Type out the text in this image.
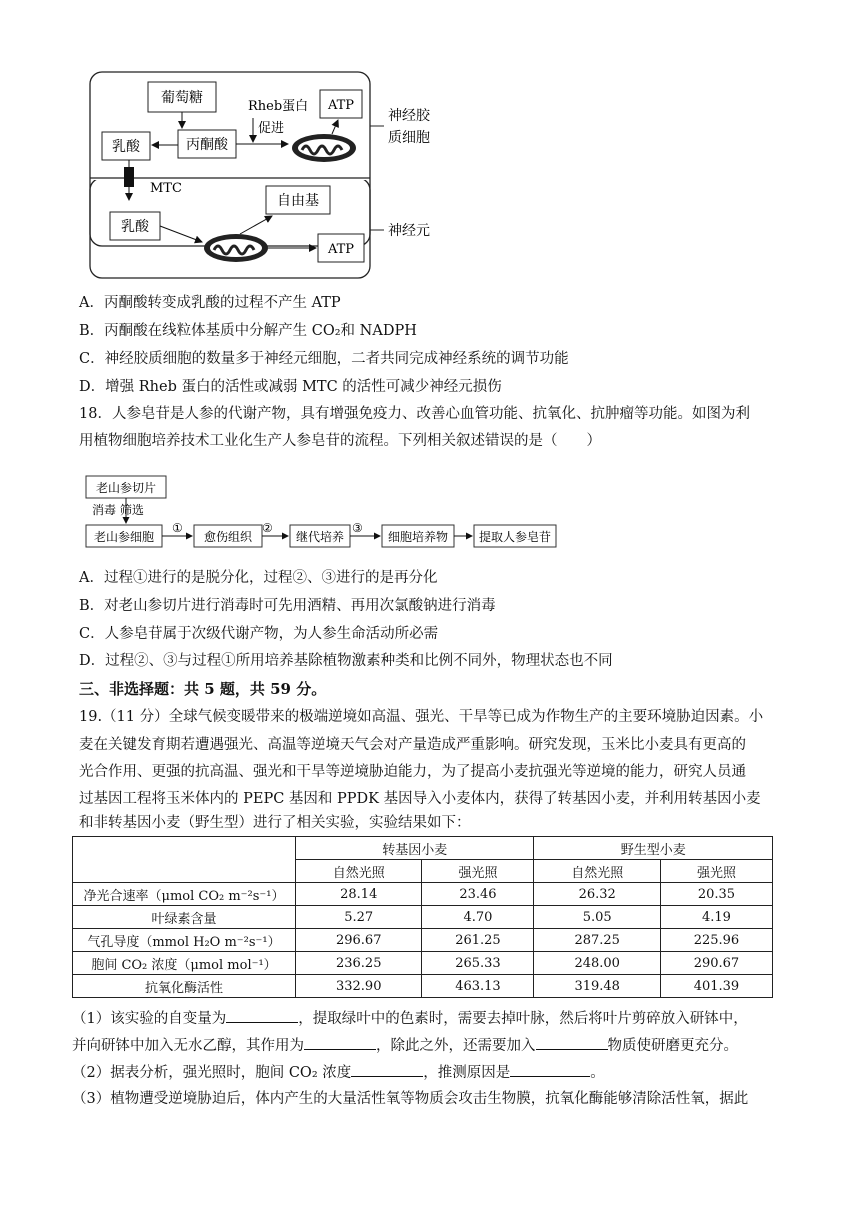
葡萄糖
丙酮酸
乳酸
ATP
自由基
乳酸
ATP
Rheb蛋白
促进
MTC
神经胶
质细胞
神经元
A．丙酮酸转变成乳酸的过程不产生 ATP
B．丙酮酸在线粒体基质中分解产生 CO₂和 NADPH
C．神经胶质细胞的数量多于神经元细胞，二者共同完成神经系统的调节功能
D．增强 Rheb 蛋白的活性或减弱 MTC 的活性可减少神经元损伤
18．人参皂苷是人参的代谢产物，具有增强免疫力、改善心血管功能、抗氧化、抗肿瘤等功能。如图为利
用植物细胞培养技术工业化生产人参皂苷的流程。下列相关叙述错误的是（　　）
老山参切片
消毒 筛选
老山参细胞
①
愈伤组织
②
继代培养
③
细胞培养物	提取人参皂苷
A．过程①进行的是脱分化，过程②、③进行的是再分化
B．对老山参切片进行消毒时可先用酒精、再用次氯酸钠进行消毒
C．人参皂苷属于次级代谢产物，为人参生命活动所必需
D．过程②、③与过程①所用培养基除植物激素种类和比例不同外，物理状态也不同
三、非选择题：共 5 题，共 59 分。
19.（11 分）全球气候变暖带来的极端逆境如高温、强光、干旱等已成为作物生产的主要环境胁迫因素。小
麦在关键发育期若遭遇强光、高温等逆境天气会对产量造成严重影响。研究发现，玉米比小麦具有更高的
光合作用、更强的抗高温、强光和干旱等逆境胁迫能力，为了提高小麦抗强光等逆境的能力，研究人员通
过基因工程将玉米体内的 PEPC 基因和 PPDK 基因导入小麦体内，获得了转基因小麦，并利用转基因小麦
和非转基因小麦（野生型）进行了相关实验，实验结果如下：
	转基因小麦		野生型小麦	
	自然光照	强光照	自然光照	强光照
净光合速率（μmol CO₂ m⁻²s⁻¹）	28.14	23.46	26.32	20.35
叶绿素含量	5.27	4.70	5.05	4.19
气孔导度（mmol H₂O m⁻²s⁻¹）	296.67	261.25	287.25	225.96
胞间 CO₂ 浓度（μmol mol⁻¹）	236.25	265.33	248.00	290.67
抗氧化酶活性	332.90	463.13	319.48	401.39
（1）该实验的自变量为	，提取绿叶中的色素时，需要去掉叶脉，然后将叶片剪碎放入研钵中，
并向研钵中加入无水乙醇，其作用为	，除此之外，还需要加入	物质使研磨更充分。
（2）据表分析，强光照时，胞间 CO₂ 浓度	，推测原因是	。
（3）植物遭受逆境胁迫后，体内产生的大量活性氧等物质会攻击生物膜，抗氧化酶能够清除活性氧，据此
